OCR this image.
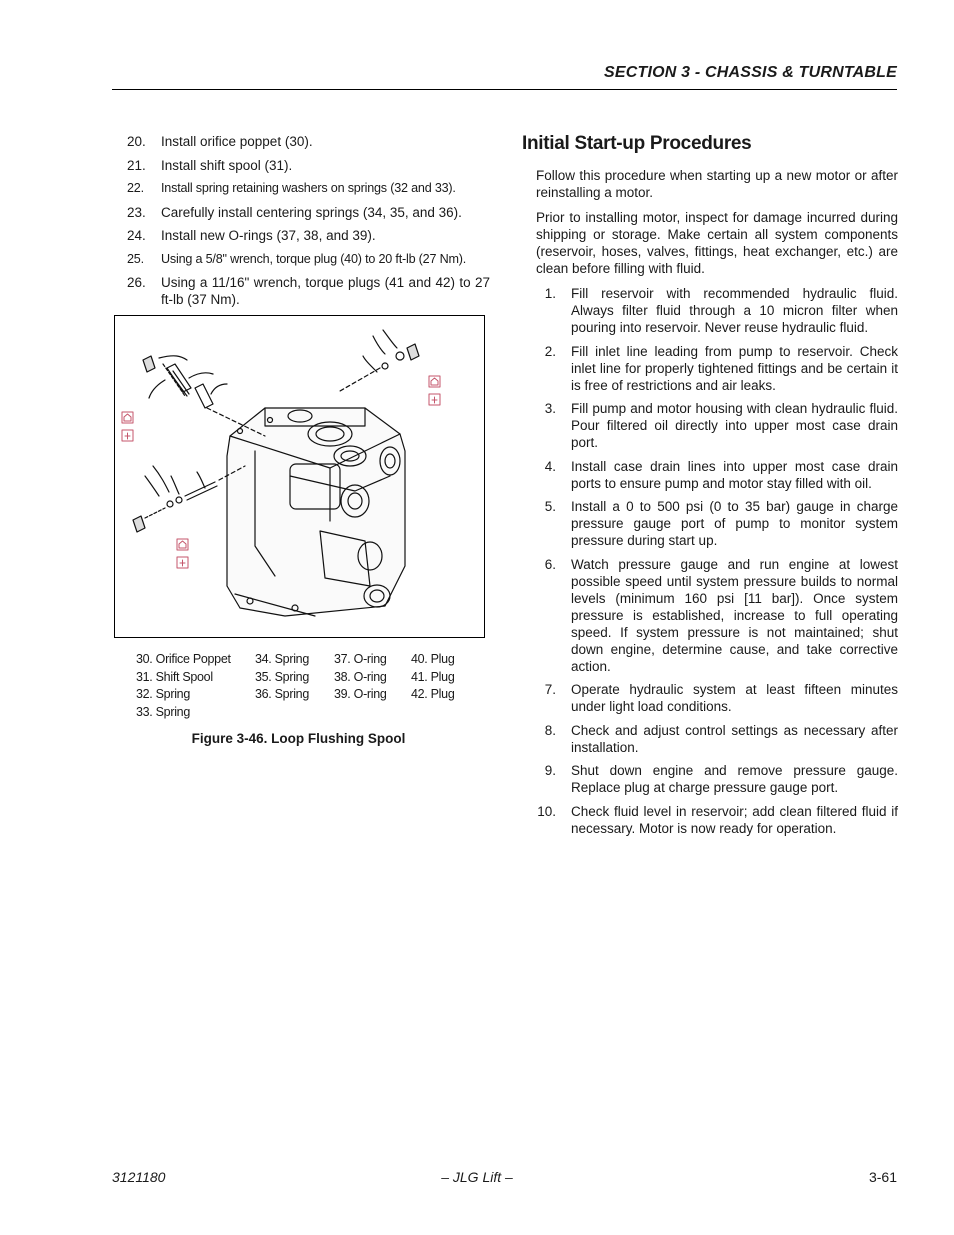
SECTION 3 - CHASSIS & TURNTABLE
20. Install orifice poppet (30).
21. Install shift spool (31).
22. Install spring retaining washers on springs (32 and 33).
23. Carefully install centering springs (34, 35, and 36).
24. Install new O-rings (37, 38, and 39).
25. Using a 5/8" wrench, torque plug (40) to 20 ft-lb (27 Nm).
26. Using a 11/16" wrench, torque plugs (41 and 42) to 27 ft-lb (37 Nm).
30. Orifice Poppet
31. Shift Spool
32. Spring
33. Spring
34. Spring
35. Spring
36. Spring
37. O-ring
38. O-ring
39. O-ring
40. Plug
41. Plug
42. Plug
Figure 3-46. Loop Flushing Spool
Initial Start-up Procedures

Follow this procedure when starting up a new motor or after reinstalling a motor.

Prior to installing motor, inspect for damage incurred during shipping or storage. Make certain all system components (reservoir, hoses, valves, fittings, heat exchanger, etc.) are clean before filling with fluid.

1. Fill reservoir with recommended hydraulic fluid. Always filter fluid through a 10 micron filter when pouring into reservoir. Never reuse hydraulic fluid.
2. Fill inlet line leading from pump to reservoir. Check inlet line for properly tightened fittings and be certain it is free of restrictions and air leaks.
3. Fill pump and motor housing with clean hydraulic fluid. Pour filtered oil directly into upper most case drain port.
4. Install case drain lines into upper most case drain ports to ensure pump and motor stay filled with oil.
5. Install a 0 to 500 psi (0 to 35 bar) gauge in charge pressure gauge port of pump to monitor system pressure during start up.
6. Watch pressure gauge and run engine at lowest possible speed until system pressure builds to normal levels (minimum 160 psi [11 bar]). Once system pressure is established, increase to full operating speed. If system pressure is not maintained; shut down engine, determine cause, and take corrective action.
7. Operate hydraulic system at least fifteen minutes under light load conditions.
8. Check and adjust control settings as necessary after installation.
9. Shut down engine and remove pressure gauge. Replace plug at charge pressure gauge port.
10. Check fluid level in reservoir; add clean filtered fluid if necessary. Motor is now ready for operation.
3121180	– JLG Lift –	3-61
